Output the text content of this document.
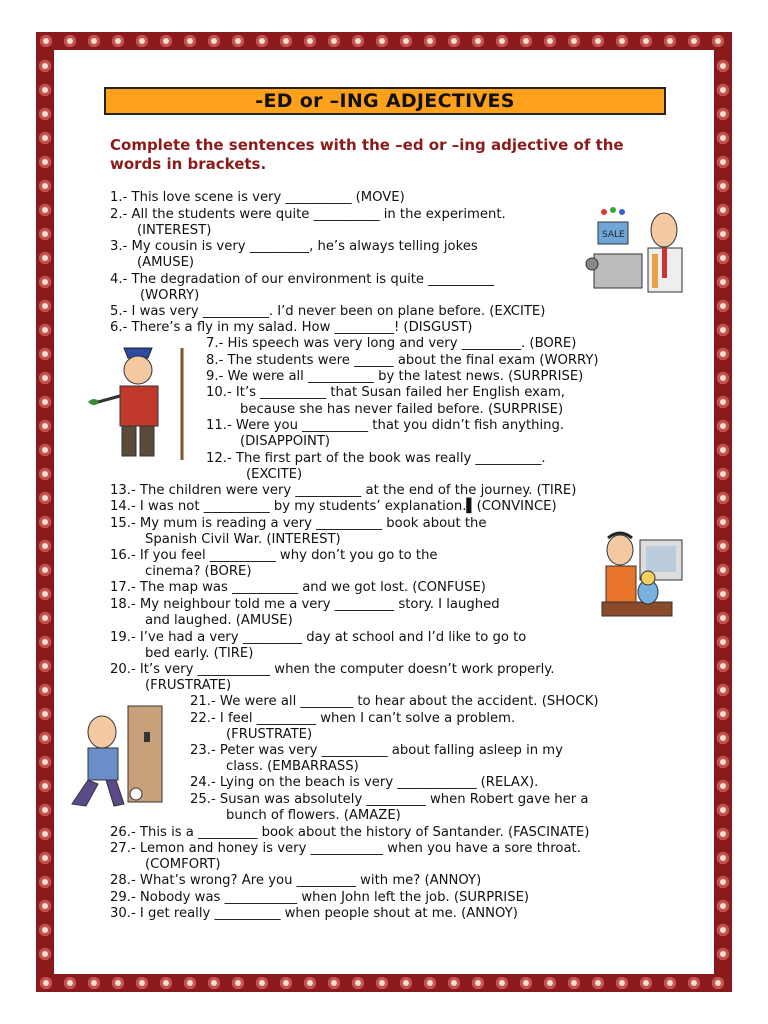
-ED or –ING ADJECTIVES
Complete the sentences with the –ed or –ing adjective of the words in brackets.
1.- This love scene is very __________ (MOVE)
2.- All the students were quite __________ in the experiment.
(INTEREST)
3.- My cousin is very _________, he’s always telling jokes
(AMUSE)
4.- The degradation of our environment is quite __________
(WORRY)
5.- I was very __________. I’d never been on plane before. (EXCITE)
6.- There’s a fly in my salad. How _________! (DISGUST)
7.- His speech was very long and very _________. (BORE)
8.- The students were ______ about the final exam (WORRY)
9.- We were all __________ by the latest news. (SURPRISE)
10.- It’s __________ that Susan failed her English exam,
because she has never failed before. (SURPRISE)
11.- Were you __________ that you didn’t fish anything.
(DISAPPOINT)
12.- The first part of the book was really __________.
(EXCITE)
13.- The children were very __________ at the end of the journey. (TIRE)
14.- I was not __________ by my students’ explanation.▌(CONVINCE)
15.- My mum is reading a very __________ book about the
Spanish Civil War. (INTEREST)
16.- If you feel __________ why don’t you go to the
cinema? (BORE)
17.- The map was __________ and we got lost. (CONFUSE)
18.- My neighbour told me a very _________ story. I laughed
and laughed. (AMUSE)
19.- I’ve had a very _________ day at school and I’d like to go to
bed early. (TIRE)
20.- It’s very ___________ when the computer doesn’t work properly.
(FRUSTRATE)
21.- We were all ________ to hear about the accident. (SHOCK)
22.- I feel _________ when I can’t solve a problem.
(FRUSTRATE)
23.- Peter was very __________ about falling asleep in my
class. (EMBARRASS)
24.- Lying on the beach is very ____________ (RELAX).
25.- Susan was absolutely _________ when Robert gave her a
bunch of flowers. (AMAZE)
26.- This is a _________ book about the history of Santander. (FASCINATE)
27.- Lemon and honey is very ___________ when you have a sore throat.
(COMFORT)
28.- What’s wrong? Are you _________ with me? (ANNOY)
29.- Nobody was ___________ when John left the job. (SURPRISE)
30.- I get really __________ when people shout at me. (ANNOY)
SALE
